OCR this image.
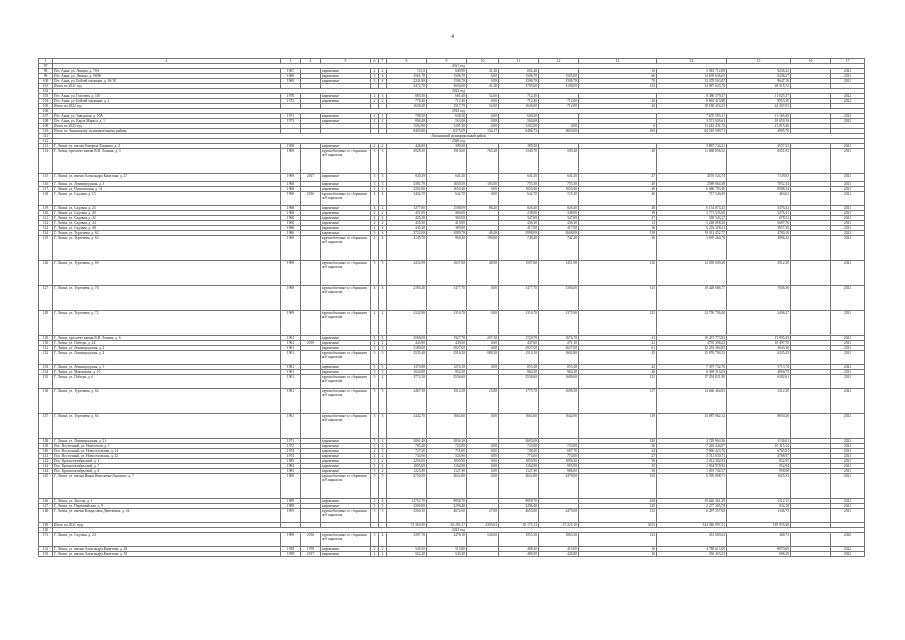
4
1	2	3	4	5	6	7	8	9	10	11	12	13	14	15	16	17
97	2021 год															
98	Пгт. Анна, ул. Ленина, д. 70А	1967		кирпичные	2	2	721,0	649,90	41,40	692,40		16	5 945 712,89	9236,22		2021
99	Пгт. Анна, ул. Ленина, д. 90/96	1969		кирпичные	3	4	2561,70	1506,70	0,00	1506,70	1505,00	66	14 659 636,65	9236,27		2021
100	Пгт. Анна, ул. Бойчей-милиции, д. 16/18	1969		кирпичные	3	4	2241,80	1506,70	0,00	1506,70	1506,70	78	13 478 563,87	8647,16		2021
101	Итого по 2021 год						5472,70	3656,00	41,40	3705,60	3108,00	134	34 087 643,76	28 515,72		
102	2022 год															
103	Пгт. Анна, ул. Гоголева, д. 110	1978		кирпичные	2	3	683,50	601,40	52,60	712,40			9 386 579,37	11 025,37		2022
104	Пгт. Анна, ул. Бойчей-милиции, д. 2	1973		кирпичные	2	2	778,40	712,40	0,00	712,40	712,00	26	9 665 413,88	9553,30		2022
105	Итого по 2022 год						1638,20	1517,79	52,60	1636,00	712,00	26	19 180 434,23	24 207,02		
106	2023 год															
107	Пгт. Анна, ул. Заводская, д. 10А	1971		кирпичные	2	3	788,50	638,30	0,00	638,30			7 670 505,11	11 165,20		2023
108	Пгт. Анна, ул. Карла Маркса, д. 1	1973		кирпичные	2	2	804,40	563,00	0,00	564,60			3 571 926,61	10 650,16		2023
109	Итого по 2023 год						1592,90	1201,30	0,00	1202,90	0,00	0	11 242 431,72	21 815,36		
110	Итого по Аннинскому муниципальному району						8403,80	6375,09	134,17	6486,73	3820,00	160	64 510 509,71	4905,70		
111	Лискинский муниципальный район															
112	2020 год															
113	Г. Лиски, ул. имени Генерала Хиценко, д. 4	1958		кирпичные	2	2	446,00	399,50		399,50			3 887 744,21	4557,32		2021
114	Г. Лиски, проспект имени В.И. Ленина, д. 3	1969		крупноблочные со сборными ж/б каркасом	3	3	2928,10	1910,00	765,20	1540,70	509,40	48	11 680 896,52	8451,02		2021
115	Г. Лиски, ул. имени Александра Капитона, д. 27	1969	2017	кирпичные	3	3	920,39	641,20		641,20	641,20	27	4576 524,74	7139,03		2021
116	Г. Лиски, ул. Ленинградская, д. 3	1968		кирпичные	3	3	2301,70	1650,50	105,00	755,30	755,30	40	2589 064,38	7052,34		2021
117	Г. Лиски, ул. Пушкинская, д. 31	1968		кирпичные	3	3	2301,80	1650,40	0,00	1650,40	1650,40	40	6 680 793,40	8588,34		2021
118	Г. Лиски, ул. Садовая, д. 15	1969	2016	крупноблочные со сборными ж/б каркасом	4	4	3404,70	642,70	0,00	642,70	725,30	46	717 540,45	463,62		2021
119	Г. Лиски, ул. Садовая, д. 23	1968		кирпичные	4	2	1277,60	1508,09	86,20	826,40	826,40	48	6 154 873,43	5476,52		2021
120	Г. Лиски, ул. Садовая, д. 40	1968		кирпичные	2	2	451,00	366,00		238,00	348,00	18	3 771 535,68	5276,41		2021
121	Г. Лиски, ул. Садовая, д. 42	1968		кирпичные	2	2	435,30	365,00		347,00	347,00	17	359 543,17	678,31		2021
122	Г. Лиски, ул. Садовая, д. 44	1968		кирпичные	2	2	435,50	410,00		436,30	436,30	14	5 248 058,30	6687,76		2021
123	Г. Лиски, ул. Садовая, д. 48	1968		кирпичные	2	2	445,40	389,00		417,00	417,00	16	6 201 358,11	5857,36		2021
124	Г. Лиски, ул. Тургенева, д. 62	1966		кирпичные	5	4	3722,00	3009,70	48,40	2998,00	2668,00	118	19 013 452,77	4780,10		2021
125	Г. Лиски, ул. Тургенева, д. 63	1969		крупноблочные со сборными ж/б каркасом	4	4	2149,70	969,40	190,00	749,40	742,40	36	3 695 464,76	4986,32		2021
126	Г. Лиски, ул. Тургенева, д. 69	1969		крупноблочные со сборными ж/б каркасом	5	5	2432,90	1657,00	48,90	1597,60	1451,90	130	14 659 609,28	3912,30		2021
127	Г. Лиски, ул. Тургенева, д. 70	1969		крупноблочные со сборными ж/б каркасом	4	4	2185,40	1477,70	0,00	1477,70	1394,00	133	19 428 686,77	7036,36		2021
128	Г. Лиски, ул. Тургенева, д. 72	1969		крупноблочные со сборными ж/б каркасом	4	4	2122,90	1316,70	0,00	1316,70	1375,90	125	12 750 756,40	3496,27		2021
129	Г. Лиски, проспект имени В.И. Ленина, д. 6	1961		кирпичные	3	3	2568,00	1927,70	207,30	1720,70	1676,70	41	10 437 773,83	13 095,43		2021
130	Г. Лиски, ул. Победы, д. 24	1961	2019	кирпичные	2	2	443,90	449,50	0,00	447,60	271,10	22	4795 398,22	10 497,70		2021
131	Г. Лиски, ул. Ленинградская, д. 2	1961		кирпичные	3	3	3180,60	2927,60	0,00	2927,00	2627,00	61	12 253 564,85	4943,16		2021
132	Г. Лиски, ул. Ленинградская, д. 4	1961		крупноблочные со сборными ж/б каркасом	3	3	2535,40	2516,20	988,20	1510,10	1602,80	45	15 976 794,53	6325,45		2021
133	Г. Лиски, ул. Ленинградская, д. 5	1961		кирпичные	3	3	1375,80	1274,10	0,00	855,40	855,40	42	7 397 732,76	5713,74		2021
134	Г. Лиски, ул. Максимова, д. 10	1961		кирпичные	3	3	1024,80	954,30		964,30	964,30	46	6 369 513,65	4804,75		2021
135	Г. Лиски, ул. Победы, д. 6	1961		крупноблочные со сборными ж/б каркасом	3	4	3772,30	2536,60		2536,60	1686,60	121	17 294 021,90	6382,61		2021
136	Г. Лиски, ул. Тургенева, д. 62	1961		крупноблочные со сборными ж/б каркасом	5	5	2467,50	1912,50	25,80	1775,70	1696,50	117	14 666 464,83	3312,30		2021
137	Г. Лиски, ул. Тургенева, д. 64	1961		крупноблочные со сборными ж/б каркасом	5	5	2442,70	1662,60	0,00	1662,60	1642,00	118	14 087 962,12	8650,26		2021
138	Г. Лиски, ул. Ленинградская, д. 21	1971		кирпичные	5	4	3061,40	2836,10		2603,00		120	3 749 964,36	1136,01		2021
139	Пос. Восточный, ул. Новоселов, д. 1	1972		кирпичные	3	3	785,40	723,00	0,00	723,00	723,00	36	7 265 444,07	10 115,14		2021
140	Пос. Восточный, ул. Новоселовская, д. 14	1974		кирпичные	2	3	727,50	711,00	0,00	748,40	697,70	34	7 960 423,76	6765,81		2021
141	Пос. Восточный, ул. Новоселовская, д. 23	1974		кирпичные	2	2	744,90	524,90	0,00	774,00	774,00	27	3 741 030,71	4768,97		2021
142	Пос. Краснооктябрьский, д. 1	1985		кирпичные	5	2	1254,00	1050,90	0,00	1050,90	1096,30	56	1 012 302,93	952,95		2021
143	Пос. Краснооктябрьский, д. 7	1984		кирпичные	5	2	1095,00	1164,90	0,00	1164,90	995,00	45	1 054 978,92	952,94		2021
144	Пос. Краснооктябрьский, д. 8	1983		кирпичные	5	2	1225,40	1127,50	0,00	1127,50	986,00	56	1 001 742,57	958,90		2021
145	Г. Лиски, ул. имени Ивана Николаева-Дьяченко, д. 7	1969		крупноблочные со сборными ж/б каркасом	5	5	6720,50	4652,80	0,00	4652,80	4478,00	150	6 595 808,71	1025,53		2021
146	Г. Лиски, ул. Листик, д. 1	1989		кирпичные	5	6	11751,70	9058,70		9059,70		428	19 626 361,29	1312,13		2021
147	Г. Лиски, ул. Первомайская, д. 8	1989		кирпичные	5	5	3300,00	3296,40		3296,40		145	2 277 305,78	834,18		2021
148	Г. Лиски, ул. имени Владислава Дешевчика, д. 24	1993		крупноблочные со сборными ж/б каркасом	5	5	5260,30	4672,60	27,00	4655,80	2479,00	212	6 497 357,60	1346,73		2021
149	Итого по 2021 году						72 363,00	63 291,27	2393,63	50 175,13	37 225,10	3015	344 946 097,31	185 976,40		
150	2022 год															
151	Г. Лиски, ул. Садовая, д. 24	1969	2016	крупноблочные со сборными ж/б каркасом	5	4	3397,70	2478,10	540,60	1955,30	1863,30	123	261 669,64	368,73		2022
152	Г. Лиски, ул. имени Александра Капитона, д. 28	1958	1978	кирпичные	2	2	545,50	515,80		488,40	415,00	16	4 780 615,00	8070,60		2022
153	Г. Лиски, ул. имени Александра Капитона, д. 35	1958	2017	кирпичные	2	2	552,20	543,30		486,90	426,00	16	350 433,23	686,29		2022
